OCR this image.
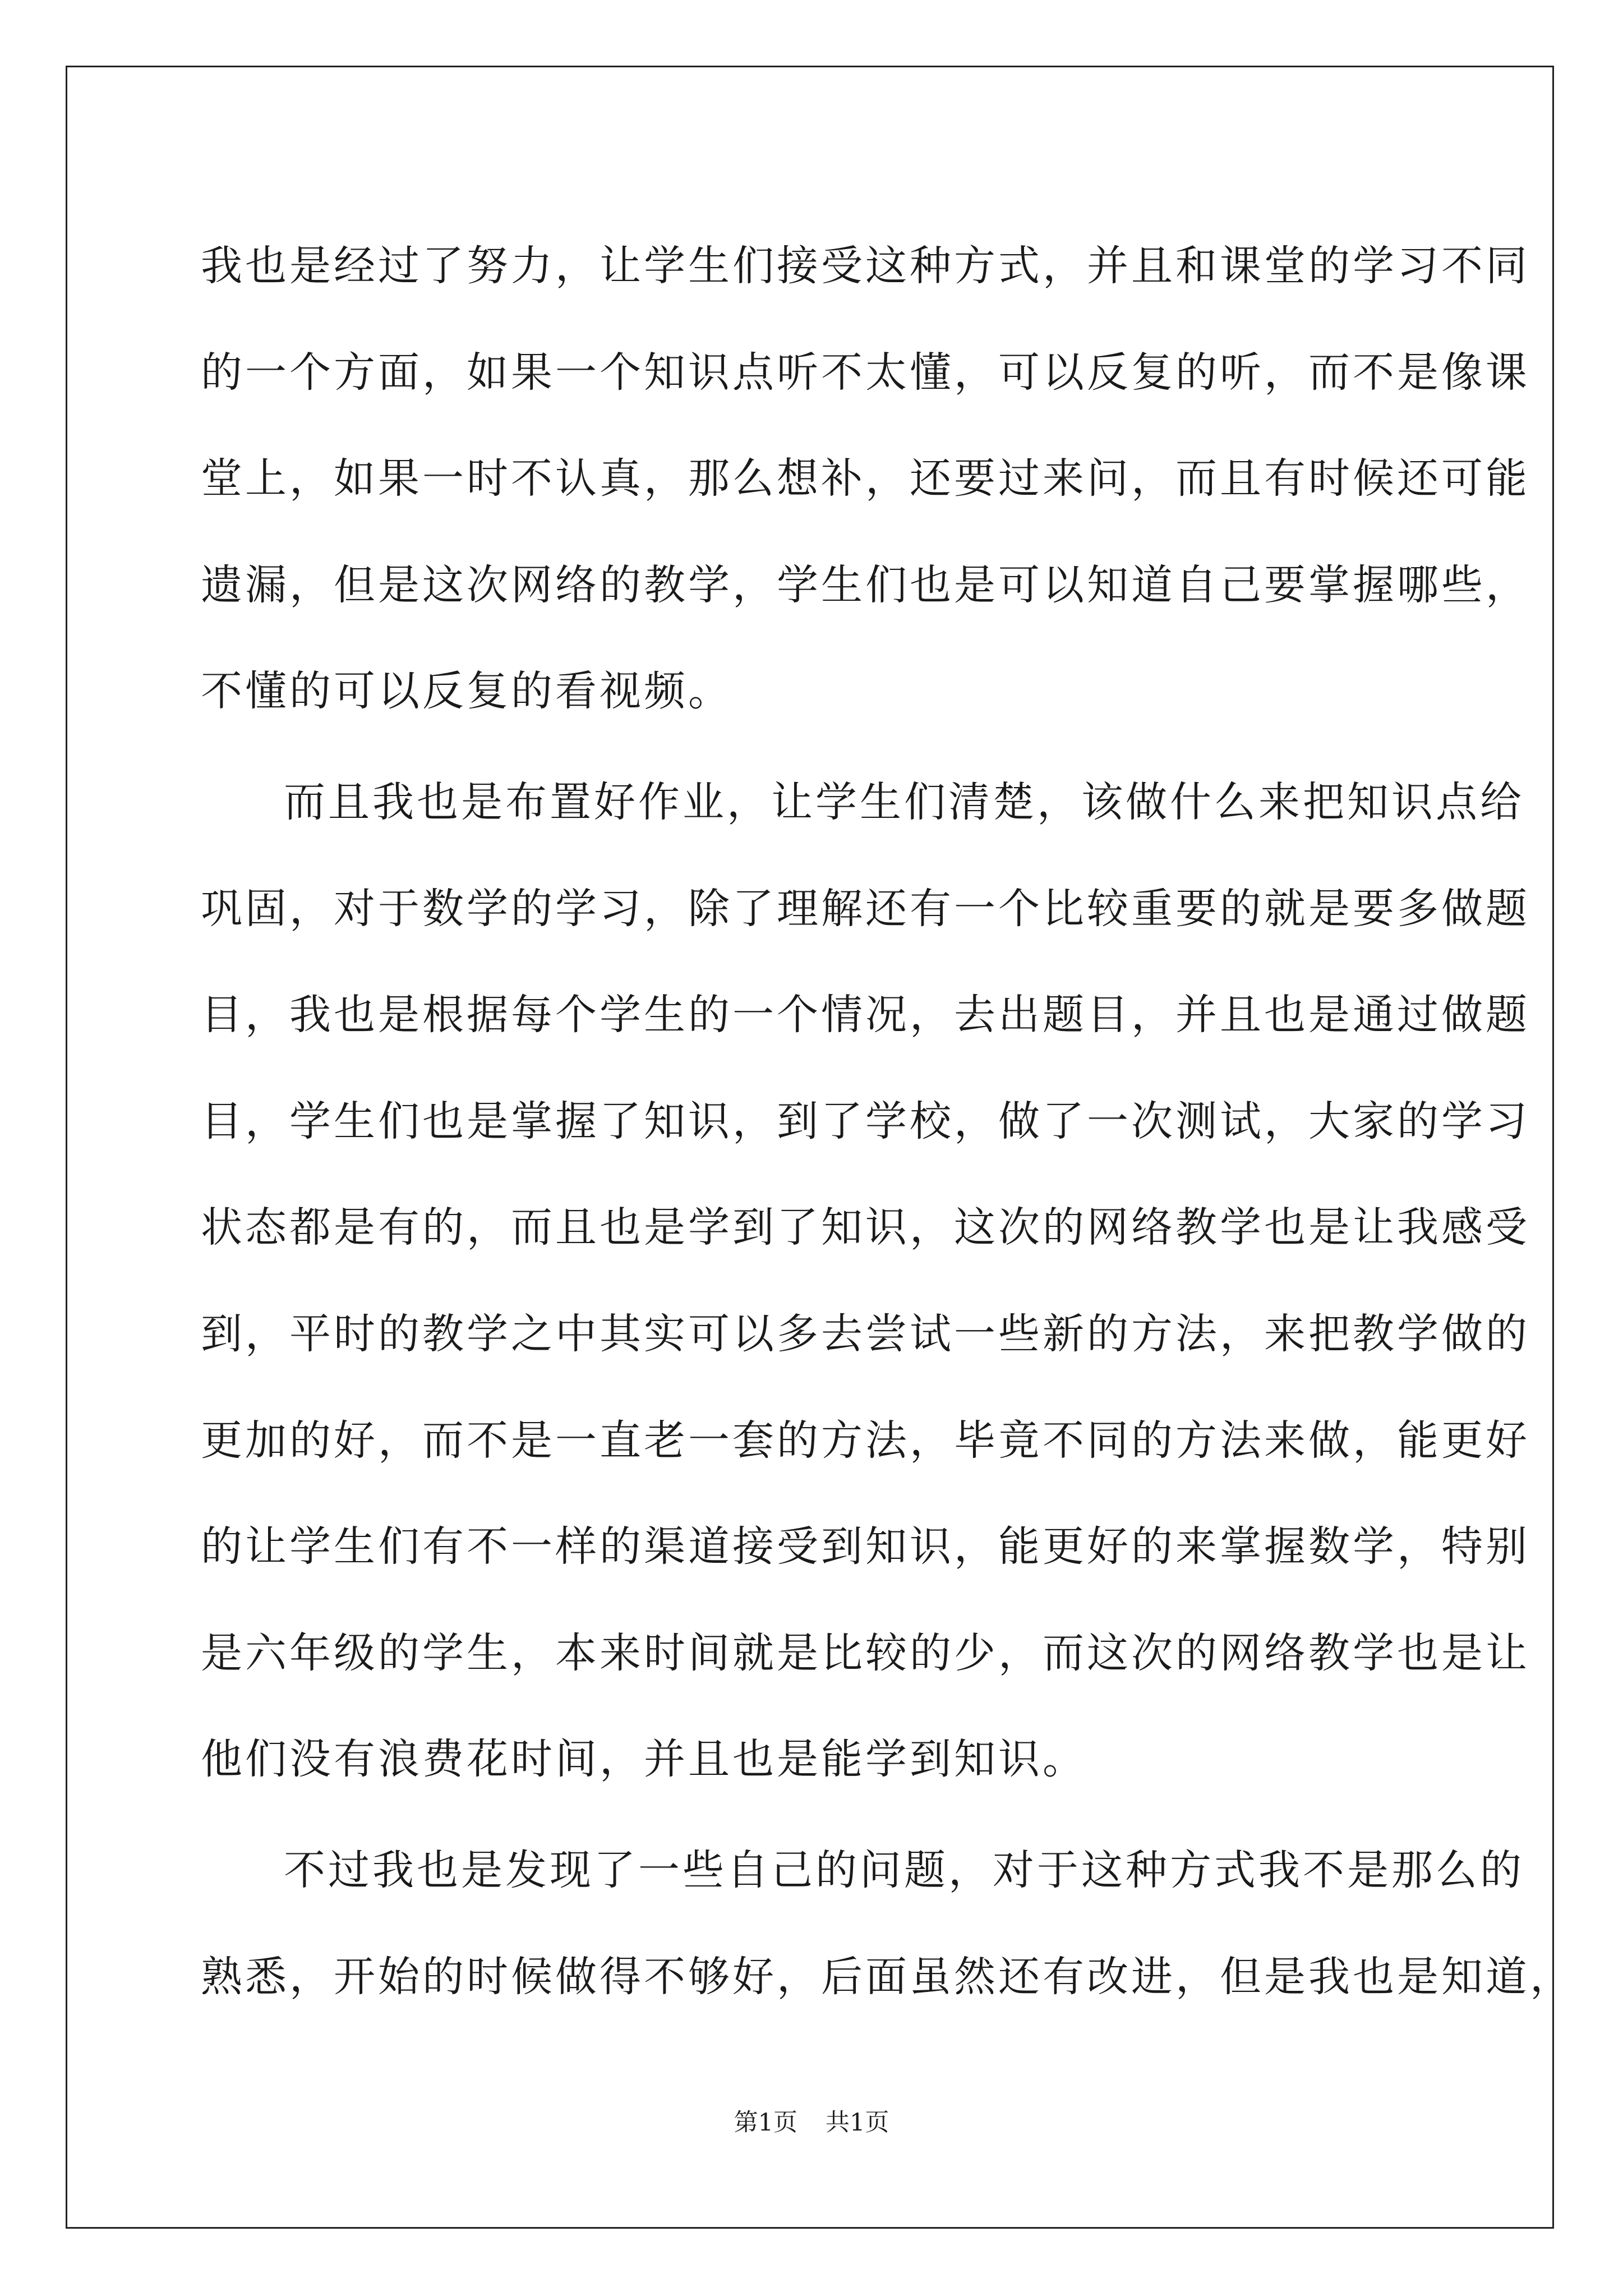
我也是经过了努力，让学生们接受这种方式，并且和课堂的学习不同
的一个方面，如果一个知识点听不太懂，可以反复的听，而不是像课
堂上，如果一时不认真，那么想补，还要过来问，而且有时候还可能
遗漏，但是这次网络的教学，学生们也是可以知道自己要掌握哪些，
不懂的可以反复的看视频。
而且我也是布置好作业，让学生们清楚，该做什么来把知识点给
巩固，对于数学的学习，除了理解还有一个比较重要的就是要多做题
目，我也是根据每个学生的一个情况，去出题目，并且也是通过做题
目，学生们也是掌握了知识，到了学校，做了一次测试，大家的学习
状态都是有的，而且也是学到了知识，这次的网络教学也是让我感受
到，平时的教学之中其实可以多去尝试一些新的方法，来把教学做的
更加的好，而不是一直老一套的方法，毕竟不同的方法来做，能更好
的让学生们有不一样的渠道接受到知识，能更好的来掌握数学，特别
是六年级的学生，本来时间就是比较的少，而这次的网络教学也是让
他们没有浪费花时间，并且也是能学到知识。
不过我也是发现了一些自己的问题，对于这种方式我不是那么的
熟悉，开始的时候做得不够好，后面虽然还有改进，但是我也是知道，
第1页 共1页
